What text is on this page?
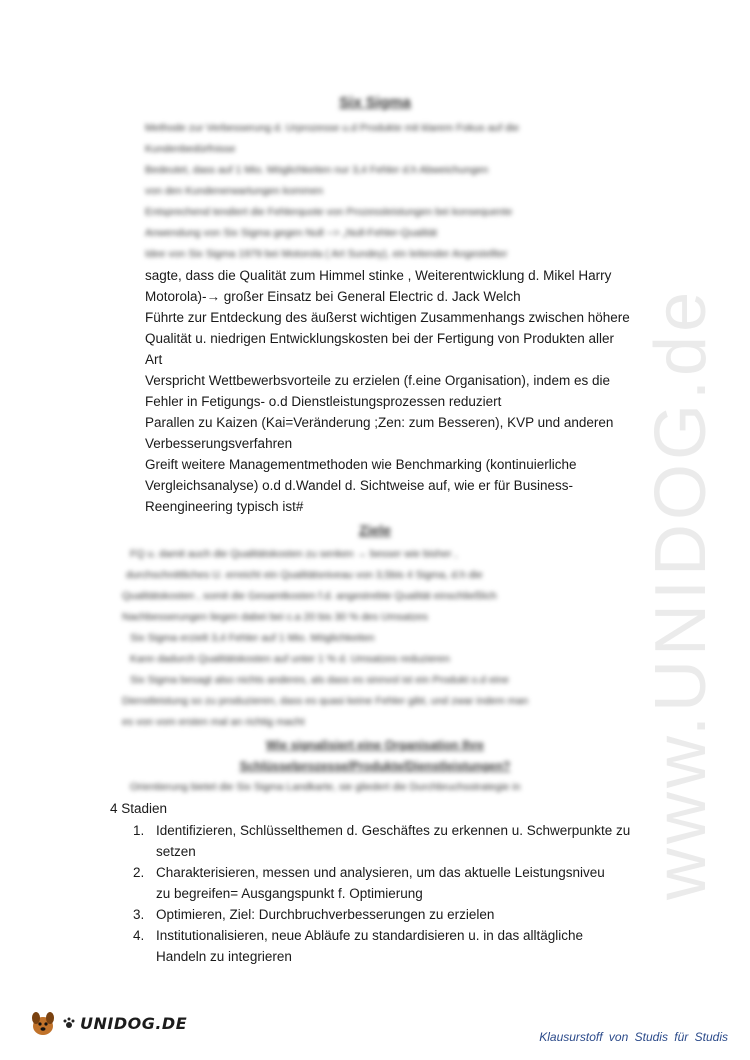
www.UNIDOG.de
Six Sigma
Methode zur Verbesserung d. Urprozesse u.d Produkte mit klarem Fokus auf die
Kundenbedürfnisse
Bedeutet, dass auf 1 Mio. Möglichkeiten nur 3,4 Fehler d.h Abweichungen
von den Kundenerwartungen kommen
Entsprechend tendiert die Fehlerquote von Prozessleistungen bei konsequente
Anwendung von Six Sigma gegen Null --> „Null-Fehler-Qualität
Idee von Six Sigma 1979 bei Motorola ( Art Sundey), ein leitender Angestellter
sagte, dass die Qualität zum Himmel stinke , Weiterentwicklung d. Mikel Harry
Motorola)-→ großer Einsatz bei General Electric d. Jack Welch
Führte zur Entdeckung des äußerst wichtigen Zusammenhangs zwischen höhere
Qualität u. niedrigen Entwicklungskosten bei der Fertigung von Produkten aller
Art
Verspricht Wettbewerbsvorteile zu erzielen (f.eine Organisation), indem es die
Fehler in Fetigungs- o.d Dienstleistungsprozessen reduziert
Parallen zu Kaizen (Kai=Veränderung ;Zen: zum Besseren), KVP und anderen
Verbesserungsverfahren
Greift weitere Managementmethoden wie Benchmarking (kontinuierliche
Vergleichsanalyse) o.d d.Wandel d. Sichtweise auf, wie er für Business-
Reengineering typisch ist#
Ziele
FQ u. damit auch die Qualitätskosten zu senken → besser wie bisher ,
durchschnittliches U. erreicht ein Qualitätsniveau von 3,5bis 4 Sigma, d.h die
Qualitätskosten , somit die Gesamtkosten f.d. angestrebte Qualität einschließlich
Nachbesserungen liegen dabei bei c.a 20 bis 30 % des Umsatzes
Six Sigma erzielt 3,4 Fehler auf 1 Mio. Möglichkeiten
Kann dadurch Qualitätskosten auf unter 1 % d. Umsatzes reduzieren
Six Sigma besagt also nichts anderes, als dass es sinnvol ist ein Produkt o.d eine
Dienstleistung so zu produzieren, dass es quasi keine Fehler gibt, und zwar indem man
es von vom ersten mal an richtig macht
Wie signalisiert eine Organisation Ihre
Schlüsselprozesse/Produkte/Dienstleistungen?
Orientierung bietet die Six Sigma Landkarte, sie gliedert die Durchbruchsstrategie in
4 Stadien
1. Identifizieren, Schlüsselthemen d. Geschäftes zu erkennen u. Schwerpunkte zu
setzen
2. Charakterisieren, messen und analysieren, um das aktuelle Leistungsniveu
zu begreifen= Ausgangspunkt f. Optimierung
3. Optimieren, Ziel: Durchbruchverbesserungen zu erzielen
4. Institutionalisieren, neue Abläufe zu standardisieren u. in das alltägliche
Handeln zu integrieren
UNIDOG.DE
Klausurstoff von Studis für Studis
